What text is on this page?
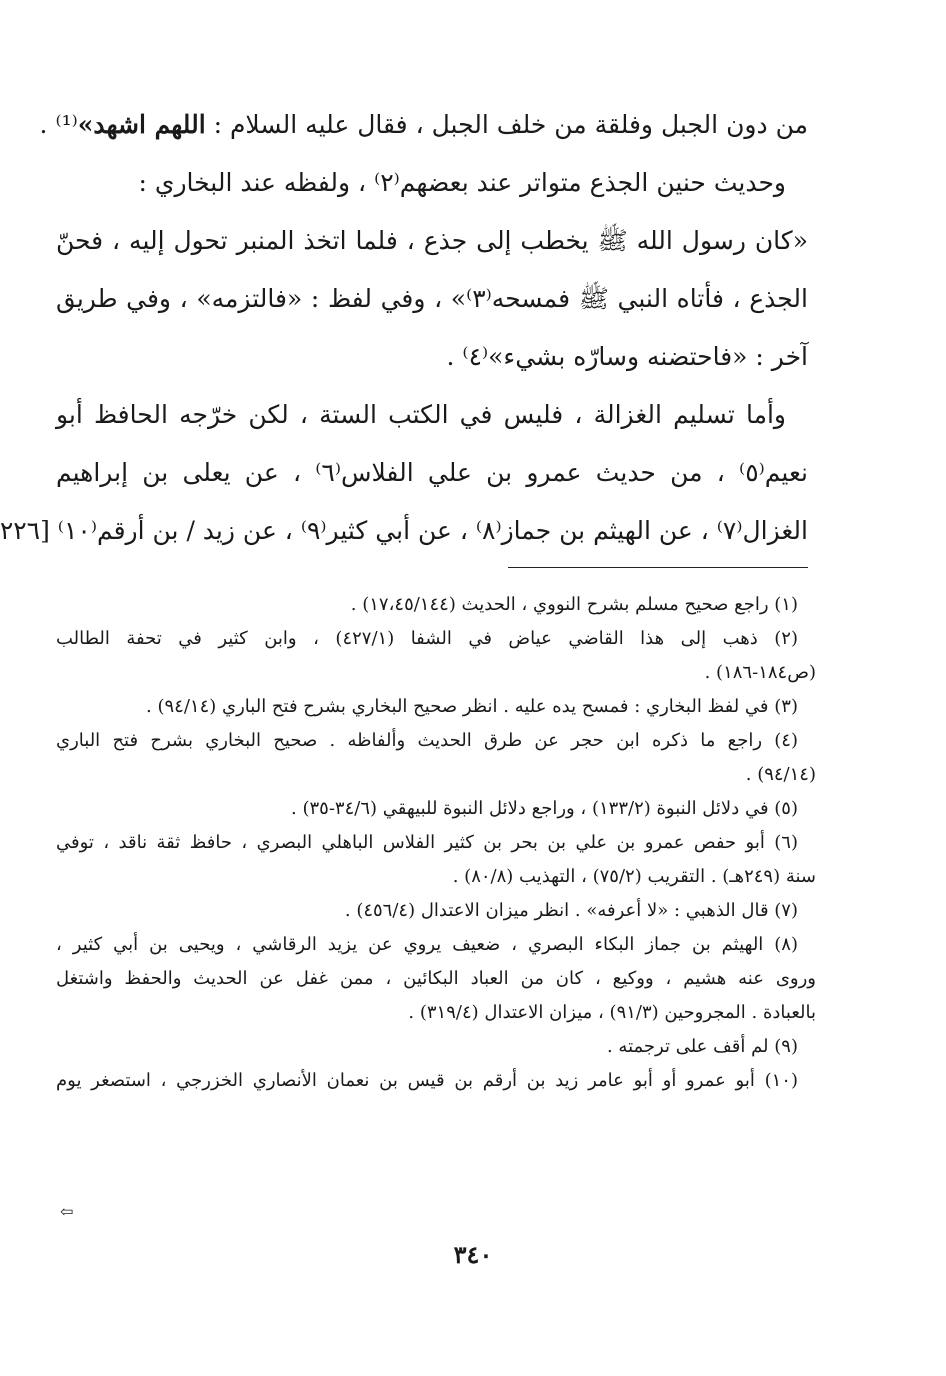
من دون الجبل وفلقة من خلف الجبل ، فقال عليه السلام : اللهم اشهد»⁽¹⁾ .
وحديث حنين الجذع متواتر عند بعضهم⁽٢⁾ ، ولفظه عند البخاري :
«كان رسول الله ﷺ يخطب إلى جذع ، فلما اتخذ المنبر تحول إليه ، فحنّ
الجذع ، فأتاه النبي ﷺ فمسحه⁽٣⁾» ، وفي لفظ : «فالتزمه» ، وفي طريق
آخر : «فاحتضنه وسارّه بشيء»⁽٤⁾ .
وأما تسليم الغزالة ، فليس في الكتب الستة ، لكن خرّجه الحافظ أبو
نعيم⁽٥⁾ ، من حديث عمرو بن علي الفلاس⁽٦⁾ ، عن يعلى بن إبراهيم
الغزال⁽٧⁾ ، عن الهيثم بن جماز⁽٨⁾ ، عن أبي كثير⁽٩⁾ ، عن زيد / بن أرقم⁽١٠⁾ [٢٢٦
(١) راجع صحيح مسلم بشرح النووي ، الحديث (١٧،٤٥/١٤٤) .
(٢) ذهب إلى هذا القاضي عياض في الشفا (٤٢٧/١) ، وابن كثير في تحفة الطالب
(ص١٨٤-١٨٦) .
(٣) في لفظ البخاري : فمسح يده عليه . انظر صحيح البخاري بشرح فتح الباري (٩٤/١٤) .
(٤) راجع ما ذكره ابن حجر عن طرق الحديث وألفاظه . صحيح البخاري بشرح فتح الباري
(٩٤/١٤) .
(٥) في دلائل النبوة (١٣٣/٢) ، وراجع دلائل النبوة للبيهقي (٣٤/٦-٣٥) .
(٦) أبو حفص عمرو بن علي بن بحر بن كثير الفلاس الباهلي البصري ، حافظ ثقة ناقد ، توفي
سنة (٢٤٩هـ) . التقريب (٧٥/٢) ، التهذيب (٨٠/٨) .
(٧) قال الذهبي : «لا أعرفه» . انظر ميزان الاعتدال (٤٥٦/٤) .
(٨) الهيثم بن جماز البكاء البصري ، ضعيف يروي عن يزيد الرقاشي ، ويحيى بن أبي كثير ،
وروى عنه هشيم ، ووكيع ، كان من العباد البكائين ، ممن غفل عن الحديث والحفظ واشتغل
بالعبادة . المجروحين (٩١/٣) ، ميزان الاعتدال (٣١٩/٤) .
(٩) لم أقف على ترجمته .
(١٠) أبو عمرو أو أبو عامر زيد بن أرقم بن قيس بن نعمان الأنصاري الخزرجي ، استصغر يوم
⇦
٣٤٠
